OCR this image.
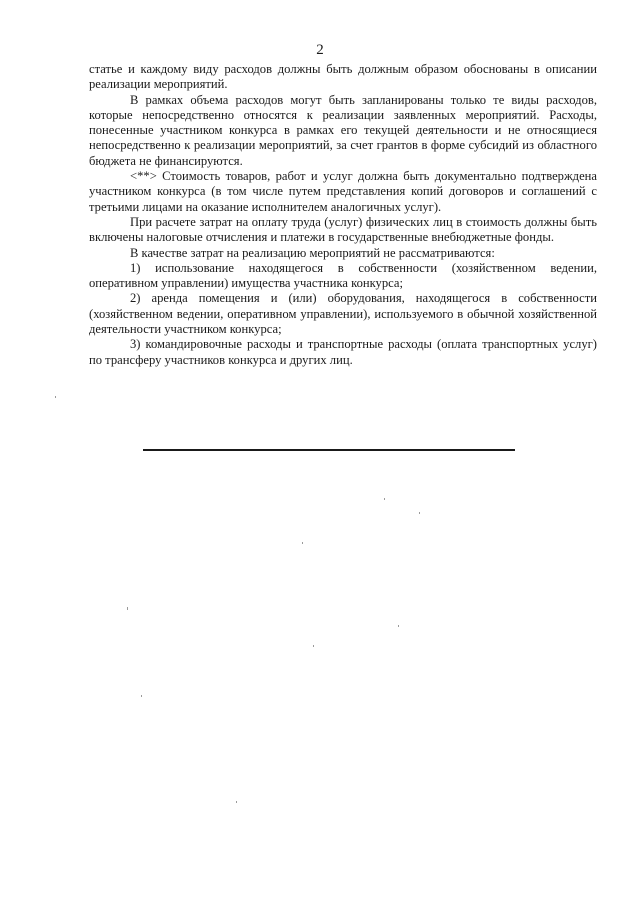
2

статье и каждому виду расходов должны быть должным образом обоснованы в описании реализации мероприятий.

В рамках объема расходов могут быть запланированы только те виды расходов, которые непосредственно относятся к реализации заявленных мероприятий. Расходы, понесенные участником конкурса в рамках его текущей деятельности и не относящиеся непосредственно к реализации мероприятий, за счет грантов в форме субсидий из областного бюджета не финансируются.

<**> Стоимость товаров, работ и услуг должна быть документально подтверждена участником конкурса (в том числе путем представления копий договоров и соглашений с третьими лицами на оказание исполнителем аналогичных услуг).

При расчете затрат на оплату труда (услуг) физических лиц в стоимость должны быть включены налоговые отчисления и платежи в государственные внебюджетные фонды.

В качестве затрат на реализацию мероприятий не рассматриваются:

1) использование находящегося в собственности (хозяйственном ведении, оперативном управлении) имущества участника конкурса;

2) аренда помещения и (или) оборудования, находящегося в собственности (хозяйственном ведении, оперативном управлении), используемого в обычной хозяйственной деятельности участником конкурса;

3) командировочные расходы и транспортные расходы (оплата транспортных услуг) по трансферу участников конкурса и других лиц.
